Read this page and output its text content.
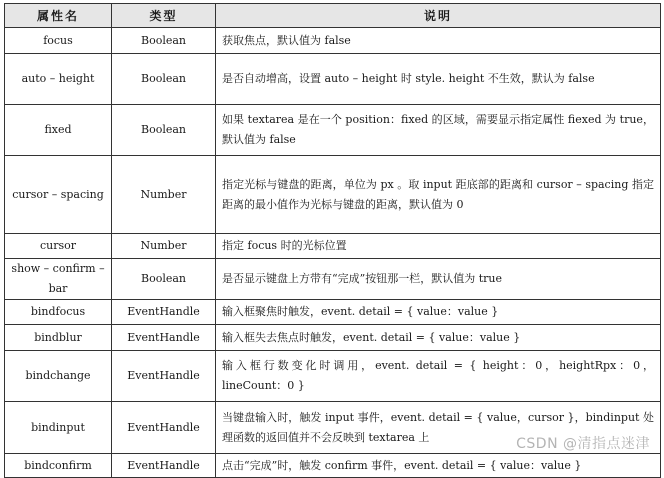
属性名	类型	说明
focus	Boolean	获取焦点，默认值为 false
auto – height	Boolean	是否自动增高，设置 auto – height 时 style. height 不生效，默认为 false
fixed	Boolean	如果 textarea 是在一个 position：fixed 的区域，需要显示指定属性 fiexed 为 true，默认值为 false
cursor – spacing	Number	指定光标与键盘的距离，单位为 px 。取 input 距底部的距离和 cursor – spacing 指定距离的最小值作为光标与键盘的距离，默认值为 0
cursor	Number	指定 focus 时的光标位置
show – confirm – bar	Boolean	是否显示键盘上方带有“完成”按钮那一栏，默认值为 true
bindfocus	EventHandle	输入框聚焦时触发，event. detail = { value：value }
bindblur	EventHandle	输入框失去焦点时触发，event. detail = { value：value }
bindchange	EventHandle	输入框行数变化时调用，event. detail = { height：0，heightRpx：0，lineCount：0 }
bindinput	EventHandle	当键盘输入时，触发 input 事件，event. detail = { value，cursor }，bindinput 处理函数的返回值并不会反映到 textarea 上
bindconfirm	EventHandle	点击“完成”时，触发 confirm 事件，event. detail = { value：value }
CSDN @清指点迷津
